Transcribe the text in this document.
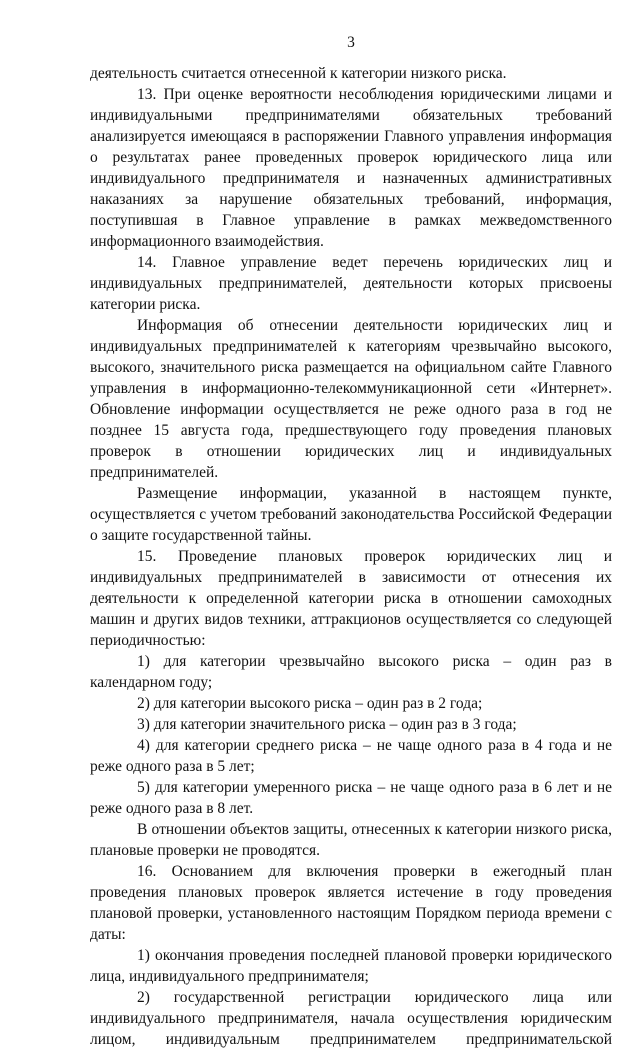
3

деятельность считается отнесенной к категории низкого риска.

13. При оценке вероятности несоблюдения юридическими лицами и индивидуальными предпринимателями обязательных требований анализируется имеющаяся в распоряжении Главного управления информация о результатах ранее проведенных проверок юридического лица или индивидуального предпринимателя и назначенных административных наказаниях за нарушение обязательных требований, информация, поступившая в Главное управление в рамках межведомственного информационного взаимодействия.

14. Главное управление ведет перечень юридических лиц и индивидуальных предпринимателей, деятельности которых присвоены категории риска.

Информация об отнесении деятельности юридических лиц и индивидуальных предпринимателей к категориям чрезвычайно высокого, высокого, значительного риска размещается на официальном сайте Главного управления в информационно-телекоммуникационной сети «Интернет». Обновление информации осуществляется не реже одного раза в год не позднее 15 августа года, предшествующего году проведения плановых проверок в отношении юридических лиц и индивидуальных предпринимателей.

Размещение информации, указанной в настоящем пункте, осуществляется с учетом требований законодательства Российской Федерации о защите государственной тайны.

15. Проведение плановых проверок юридических лиц и индивидуальных предпринимателей в зависимости от отнесения их деятельности к определенной категории риска в отношении самоходных машин и других видов техники, аттракционов осуществляется со следующей периодичностью:

1) для категории чрезвычайно высокого риска – один раз в календарном году;

2) для категории высокого риска – один раз в 2 года;

3) для категории значительного риска – один раз в 3 года;

4) для категории среднего риска – не чаще одного раза в 4 года и не реже одного раза в 5 лет;

5) для категории умеренного риска – не чаще одного раза в 6 лет и не реже одного раза в 8 лет.

В отношении объектов защиты, отнесенных к категории низкого риска, плановые проверки не проводятся.

16. Основанием для включения проверки в ежегодный план проведения плановых проверок является истечение в году проведения плановой проверки, установленного настоящим Порядком периода времени с даты:

1) окончания проведения последней плановой проверки юридического лица, индивидуального предпринимателя;

2) государственной регистрации юридического лица или индивидуального предпринимателя, начала осуществления юридическим лицом, индивидуальным предпринимателем предпринимательской
